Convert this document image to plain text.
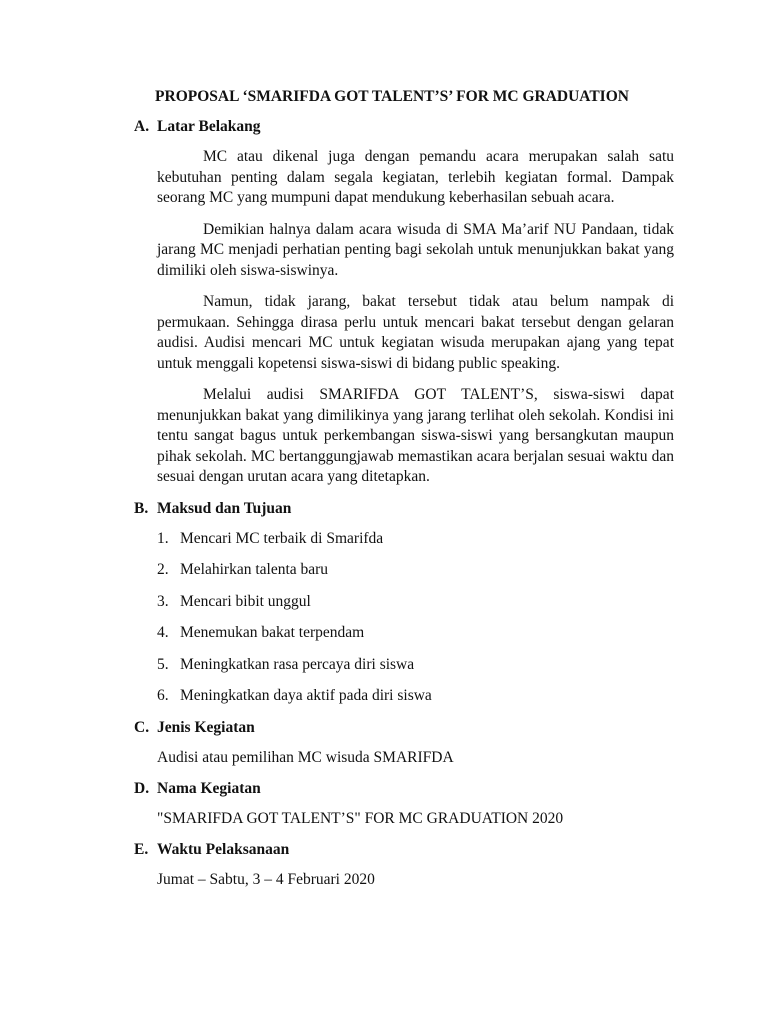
PROPOSAL ‘SMARIFDA GOT TALENT’S’ FOR MC GRADUATION
A. Latar Belakang

MC atau dikenal juga dengan pemandu acara merupakan salah satu kebutuhan penting dalam segala kegiatan, terlebih kegiatan formal. Dampak seorang MC yang mumpuni dapat mendukung keberhasilan sebuah acara.

Demikian halnya dalam acara wisuda di SMA Ma’arif NU Pandaan, tidak jarang MC menjadi perhatian penting bagi sekolah untuk menunjukkan bakat yang dimiliki oleh siswa-siswinya.

Namun, tidak jarang, bakat tersebut tidak atau belum nampak di permukaan. Sehingga dirasa perlu untuk mencari bakat tersebut dengan gelaran audisi. Audisi mencari MC untuk kegiatan wisuda merupakan ajang yang tepat untuk menggali kopetensi siswa-siswi di bidang public speaking.

Melalui audisi SMARIFDA GOT TALENT’S, siswa-siswi dapat menunjukkan bakat yang dimilikinya yang jarang terlihat oleh sekolah. Kondisi ini tentu sangat bagus untuk perkembangan siswa-siswi yang bersangkutan maupun pihak sekolah. MC bertanggungjawab memastikan acara berjalan sesuai waktu dan sesuai dengan urutan acara yang ditetapkan.

B. Maksud dan Tujuan
1. Mencari MC terbaik di Smarifda
2. Melahirkan talenta baru
3. Mencari bibit unggul
4. Menemukan bakat terpendam
5. Meningkatkan rasa percaya diri siswa
6. Meningkatkan daya aktif pada diri siswa
C. Jenis Kegiatan
Audisi atau pemilihan MC wisuda SMARIFDA
D. Nama Kegiatan
"SMARIFDA GOT TALENT’S" FOR MC GRADUATION 2020
E. Waktu Pelaksanaan
Jumat – Sabtu, 3 – 4 Februari 2020
